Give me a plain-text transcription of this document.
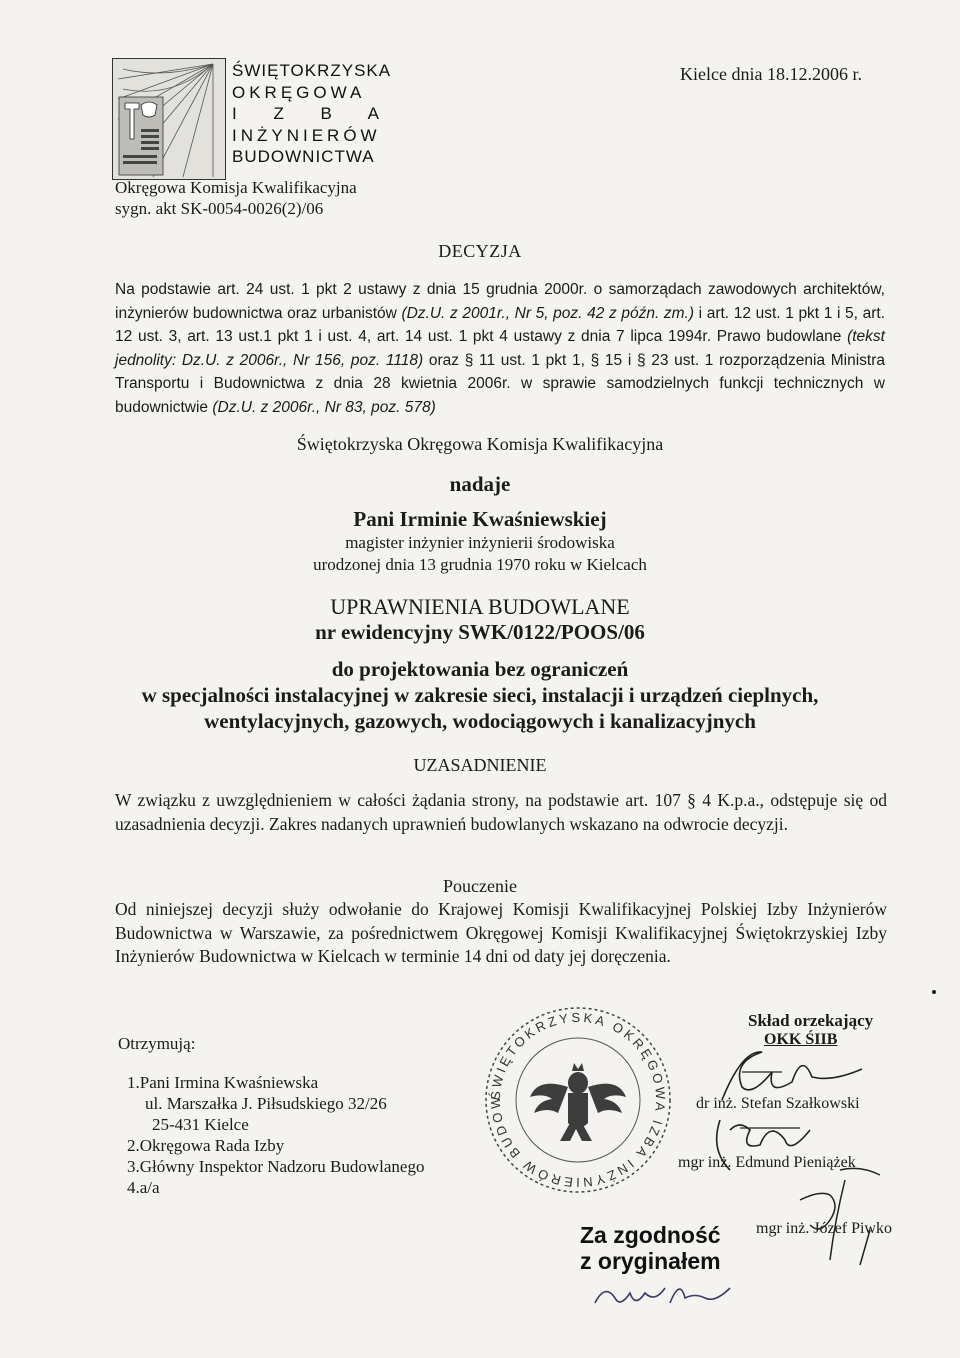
ŚWIĘTOKRZYSKA
OKRĘGOWA
I Z B A
INŻYNIERÓW
BUDOWNICTWA
Okręgowa Komisja Kwalifikacyjna
sygn. akt SK-0054-0026(2)/06
Kielce dnia 18.12.2006 r.
DECYZJA
Na podstawie art. 24 ust. 1 pkt 2 ustawy z dnia 15 grudnia 2000r. o samorządach zawodowych architektów, inżynierów budownictwa oraz urbanistów (Dz.U. z 2001r., Nr 5, poz. 42 z późn. zm.) i art. 12 ust. 1 pkt 1 i 5, art. 12 ust. 3, art. 13 ust.1 pkt 1 i ust. 4, art. 14 ust. 1 pkt 4 ustawy z dnia 7 lipca 1994r. Prawo budowlane (tekst jednolity: Dz.U. z 2006r., Nr 156, poz. 1118) oraz § 11 ust. 1 pkt 1, § 15 i § 23 ust. 1 rozporządzenia Ministra Transportu i Budownictwa z dnia 28 kwietnia 2006r. w sprawie samodzielnych funkcji technicznych w budownictwie (Dz.U. z 2006r., Nr 83, poz. 578)
Świętokrzyska Okręgowa Komisja Kwalifikacyjna
nadaje
Pani Irminie Kwaśniewskiej
magister inżynier inżynierii środowiska
urodzonej dnia 13 grudnia 1970 roku w Kielcach
UPRAWNIENIA BUDOWLANE
nr ewidencyjny SWK/0122/POOS/06
do projektowania bez ograniczeń
w specjalności instalacyjnej w zakresie sieci, instalacji i urządzeń cieplnych,
wentylacyjnych, gazowych, wodociągowych i kanalizacyjnych
UZASADNIENIE
W związku z uwzględnieniem w całości żądania strony, na podstawie art. 107 § 4 K.p.a., odstępuje się od uzasadnienia decyzji. Zakres nadanych uprawnień budowlanych wskazano na odwrocie decyzji.
Pouczenie
Od niniejszej decyzji służy odwołanie do Krajowej Komisji Kwalifikacyjnej Polskiej Izby Inżynierów Budownictwa w Warszawie, za pośrednictwem Okręgowej Komisji Kwalifikacyjnej Świętokrzyskiej Izby Inżynierów Budownictwa w Kielcach w terminie 14 dni od daty jej doręczenia.
Otrzymują:
1.Pani Irmina Kwaśniewska
ul. Marszałka J. Piłsudskiego 32/26
25-431 Kielce
2.Okręgowa Rada Izby
3.Główny Inspektor Nadzoru Budowlanego
4.a/a
ŚWIĘTOKRZYSKA OKRĘGOWA IZBA INŻYNIERÓW BUDOW
Skład orzekający
OKK ŚIIB
dr inż. Stefan Szałkowski
mgr inż. Edmund Pieniążek
mgr inż. Józef Piwko
Za zgodność
z oryginałem
